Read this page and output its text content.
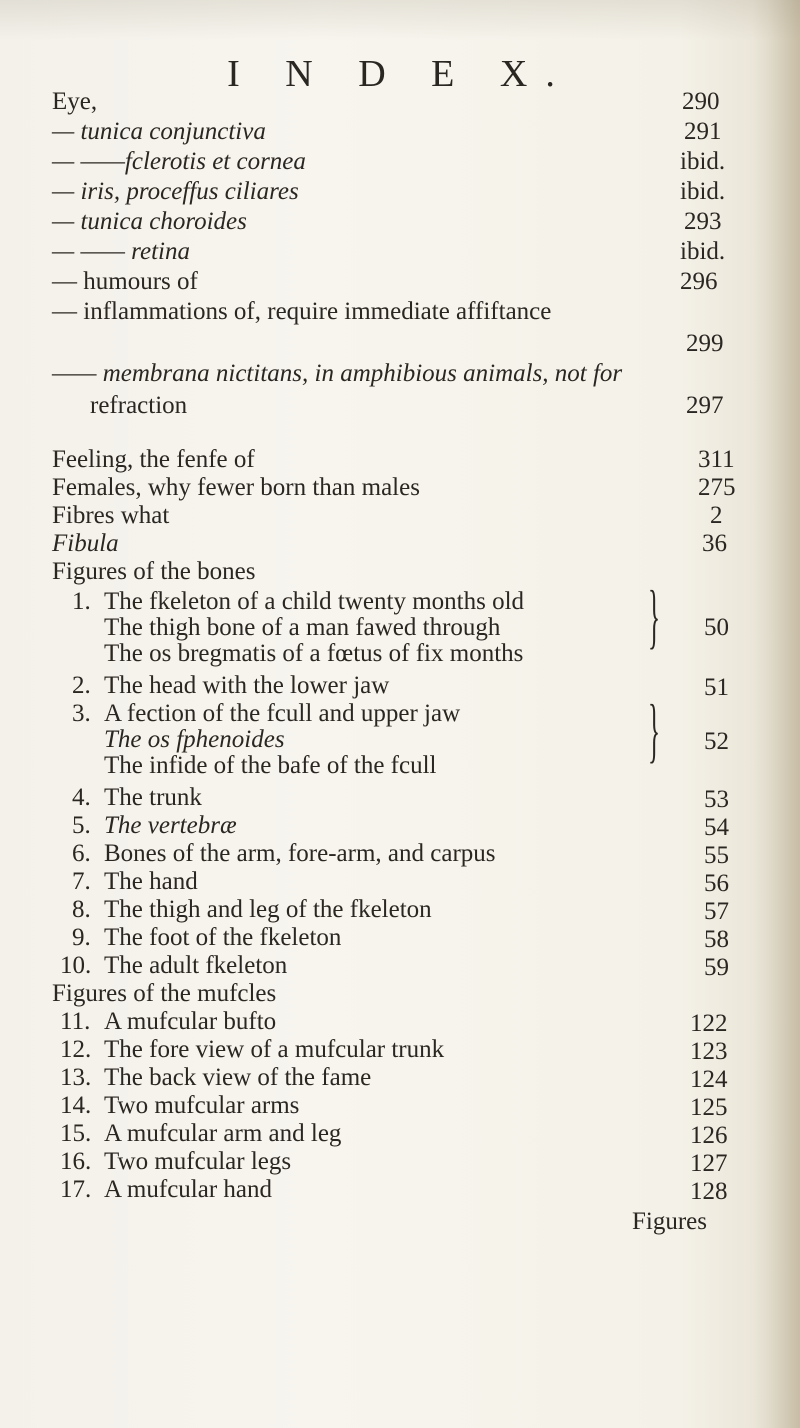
I N D E X.
Eye,	290
— tunica conjunctiva	291
— ——fclerotis et cornea	ibid.
— iris, proceffus ciliares	ibid.
— tunica choroides	293
— —— retina	ibid.
— humours of	296
— inflammations of, require immediate affiftance
299
—— membrana nictitans, in amphibious animals, not for
refraction	297
Feeling, the fenfe of	311
Females, why fewer born than males	275
Fibres what	2
Fibula	36
Figures of the bones
1. The fkeleton of a child twenty months old
The thigh bone of a man fawed through
The os bregmatis of a fœtus of fix months } 50
2. The head with the lower jaw	51
3. A fection of the fcull and upper jaw
The os fphenoides
The infide of the bafe of the fcull	} 52
4. The trunk	53
5. The vertebræ	54
6. Bones of the arm, fore-arm, and carpus	55
7. The hand	56
8. The thigh and leg of the fkeleton	57
9. The foot of the fkeleton	58
10. The adult fkeleton	59
Figures of the mufcles
11. A mufcular bufto	122
12. The fore view of a mufcular trunk	123
13. The back view of the fame	124
14. Two mufcular arms	125
15. A mufcular arm and leg	126
16. Two mufcular legs	127
17. A mufcular hand	128
Figures
